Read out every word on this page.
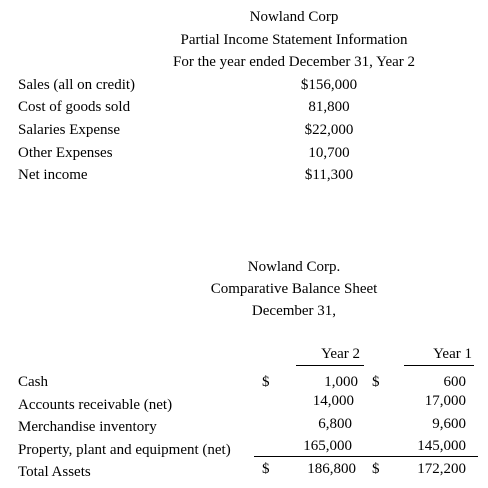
Nowland Corp
Partial Income Statement Information
For the year ended December 31, Year 2
Sales (all on credit)	$156,000
Cost of goods sold	81,800
Salaries Expense	$22,000
Other Expenses	10,700
Net income	$11,300
Nowland Corp.
Comparative Balance Sheet
December 31,
Year 2	Year 1
Cash	$	1,000 $	600
Accounts receivable (net)	14,000	17,000
Merchandise inventory	6,800	9,600
Property, plant and equipment (net)	165,000	145,000
Total Assets	$	186,800 $	172,200
